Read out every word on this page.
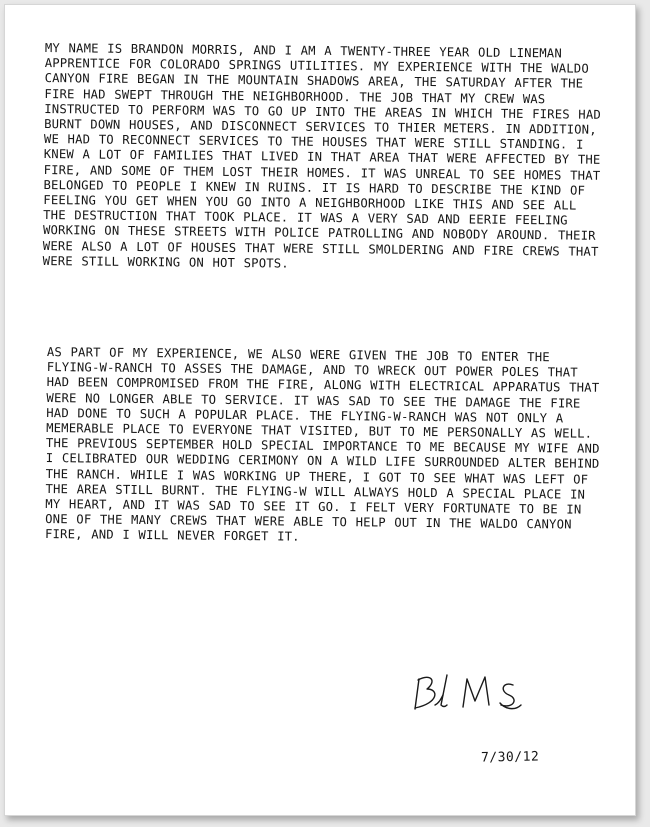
MY NAME IS BRANDON MORRIS, AND I AM A TWENTY-THREE YEAR OLD LINEMAN APPRENTICE FOR COLORADO SPRINGS UTILITIES. MY EXPERIENCE WITH THE WALDO CANYON FIRE BEGAN IN THE MOUNTAIN SHADOWS AREA, THE SATURDAY AFTER THE FIRE HAD SWEPT THROUGH THE NEIGHBORHOOD. THE JOB THAT MY CREW WAS INSTRUCTED TO PERFORM WAS TO GO UP INTO THE AREAS IN WHICH THE FIRES HAD BURNT DOWN HOUSES, AND DISCONNECT SERVICES TO THIER METERS. IN ADDITION, WE HAD TO RECONNECT SERVICES TO THE HOUSES THAT WERE STILL STANDING. I KNEW A LOT OF FAMILIES THAT LIVED IN THAT AREA THAT WERE AFFECTED BY THE FIRE, AND SOME OF THEM LOST THEIR HOMES. IT WAS UNREAL TO SEE HOMES THAT BELONGED TO PEOPLE I KNEW IN RUINS. IT IS HARD TO DESCRIBE THE KIND OF FEELING YOU GET WHEN YOU GO INTO A NEIGHBORHOOD LIKE THIS AND SEE ALL THE DESTRUCTION THAT TOOK PLACE. IT WAS A VERY SAD AND EERIE FEELING WORKING ON THESE STREETS WITH POLICE PATROLLING AND NOBODY AROUND. THEIR WERE ALSO A LOT OF HOUSES THAT WERE STILL SMOLDERING AND FIRE CREWS THAT WERE STILL WORKING ON HOT SPOTS.

AS PART OF MY EXPERIENCE, WE ALSO WERE GIVEN THE JOB TO ENTER THE FLYING-W-RANCH TO ASSES THE DAMAGE, AND TO WRECK OUT POWER POLES THAT HAD BEEN COMPROMISED FROM THE FIRE, ALONG WITH ELECTRICAL APPARATUS THAT WERE NO LONGER ABLE TO SERVICE. IT WAS SAD TO SEE THE DAMAGE THE FIRE HAD DONE TO SUCH A POPULAR PLACE. THE FLYING-W-RANCH WAS NOT ONLY A MEMERABLE PLACE TO EVERYONE THAT VISITED, BUT TO ME PERSONALLY AS WELL. THE PREVIOUS SEPTEMBER HOLD SPECIAL IMPORTANCE TO ME BECAUSE MY WIFE AND I CELIBRATED OUR WEDDING CERIMONY ON A WILD LIFE SURROUNDED ALTER BEHIND THE RANCH. WHILE I WAS WORKING UP THERE, I GOT TO SEE WHAT WAS LEFT OF THE AREA STILL BURNT. THE FLYING-W WILL ALWAYS HOLD A SPECIAL PLACE IN MY HEART, AND IT WAS SAD TO SEE IT GO. I FELT VERY FORTUNATE TO BE IN ONE OF THE MANY CREWS THAT WERE ABLE TO HELP OUT IN THE WALDO CANYON FIRE, AND I WILL NEVER FORGET IT.

7/30/12
